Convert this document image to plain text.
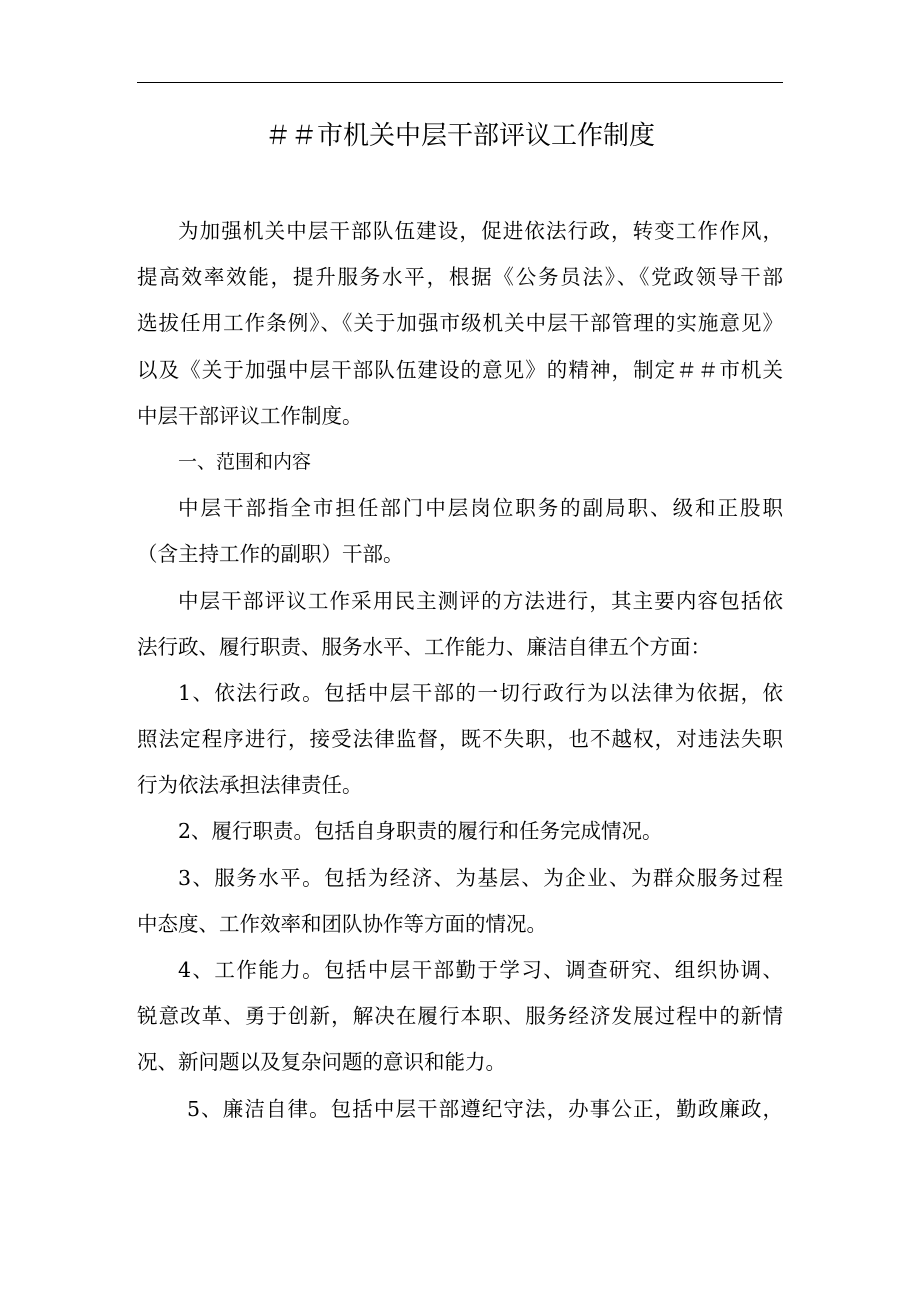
＃＃市机关中层干部评议工作制度
为加强机关中层干部队伍建设，促进依法行政，转变工作作风，
提高效率效能，提升服务水平，根据《公务员法》、《党政领导干部
选拔任用工作条例》、《关于加强市级机关中层干部管理的实施意见》
以及《关于加强中层干部队伍建设的意见》的精神，制定＃＃市机关
中层干部评议工作制度。
一、范围和内容
中层干部指全市担任部门中层岗位职务的副局职、级和正股职
（含主持工作的副职）干部。
中层干部评议工作采用民主测评的方法进行，其主要内容包括依
法行政、履行职责、服务水平、工作能力、廉洁自律五个方面：
1、依法行政。包括中层干部的一切行政行为以法律为依据，依
照法定程序进行，接受法律监督，既不失职，也不越权，对违法失职
行为依法承担法律责任。
2、履行职责。包括自身职责的履行和任务完成情况。
3、服务水平。包括为经济、为基层、为企业、为群众服务过程
中态度、工作效率和团队协作等方面的情况。
4、工作能力。包括中层干部勤于学习、调查研究、组织协调、
锐意改革、勇于创新，解决在履行本职、服务经济发展过程中的新情
况、新问题以及复杂问题的意识和能力。
5、廉洁自律。包括中层干部遵纪守法，办事公正，勤政廉政，
